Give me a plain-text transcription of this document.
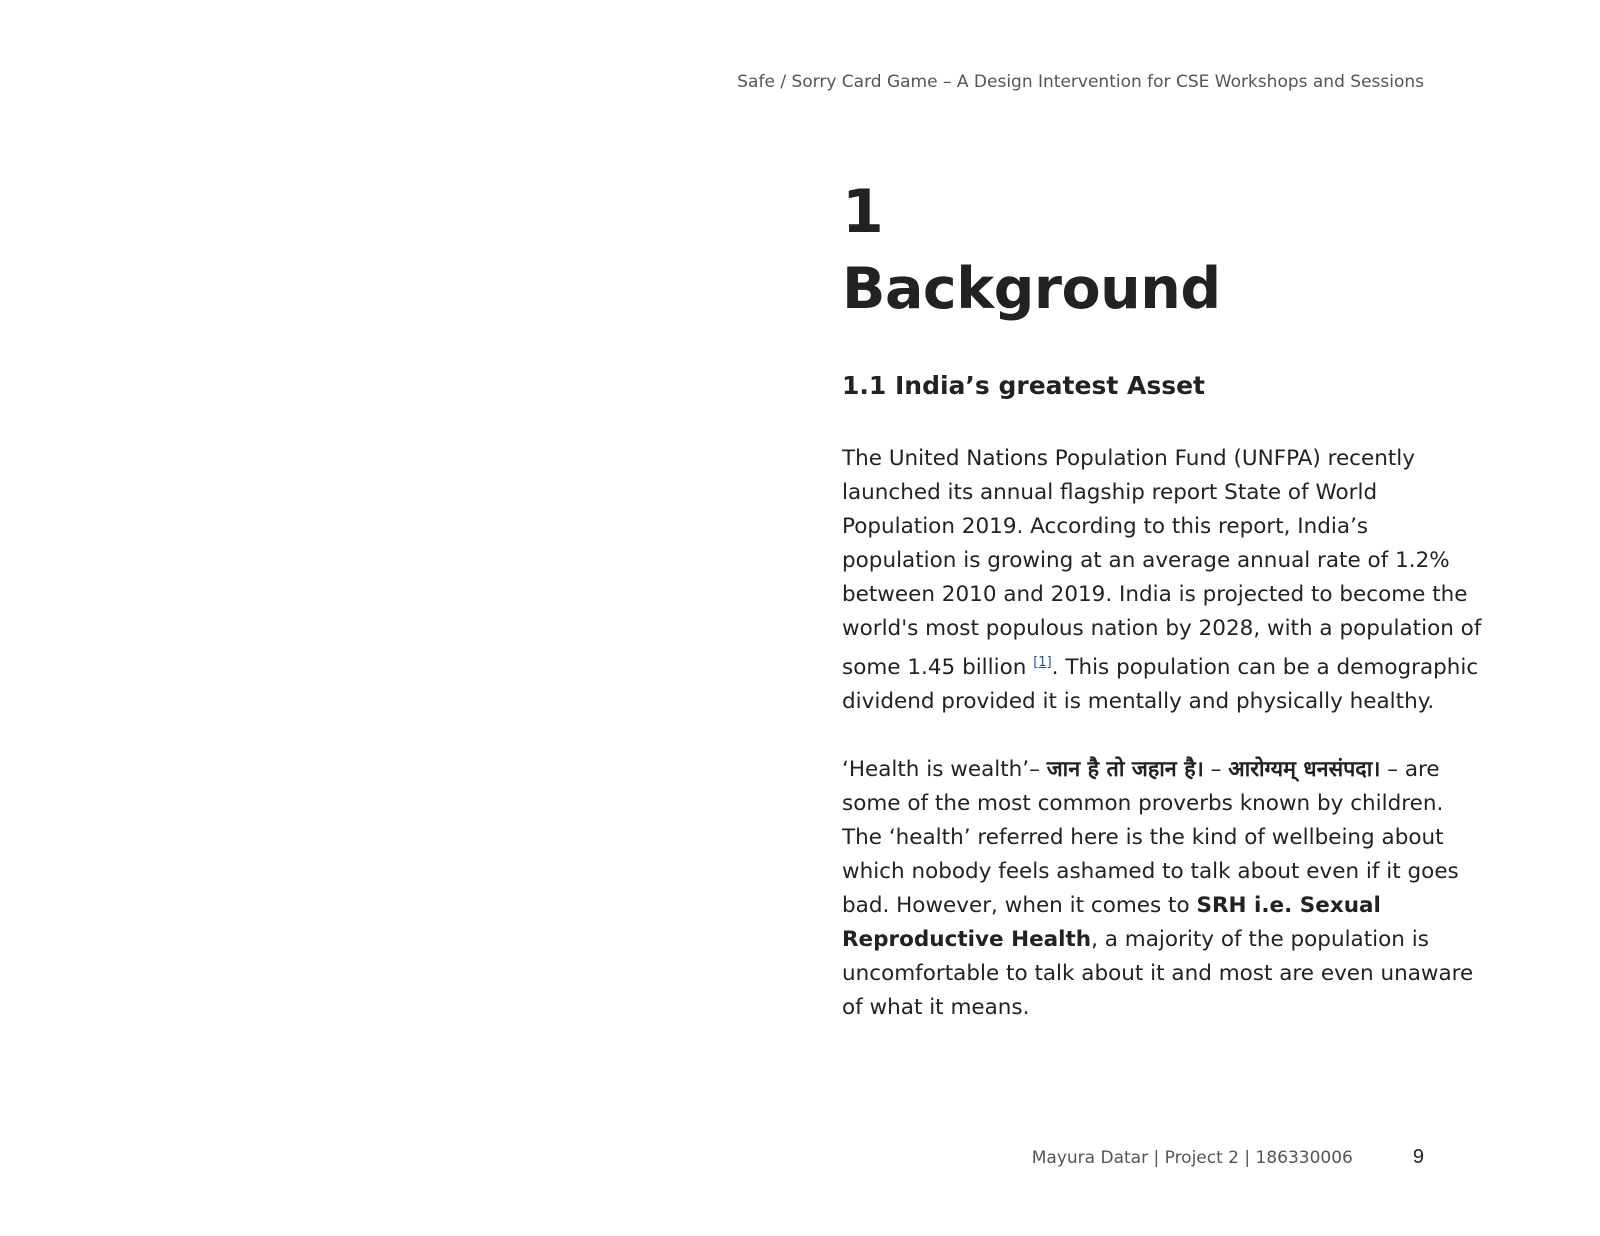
Safe / Sorry Card Game – A Design Intervention for CSE Workshops and Sessions
1
Background
1.1 India’s greatest Asset

The United Nations Population Fund (UNFPA) recently launched its annual flagship report State of World Population 2019. According to this report, India’s population is growing at an average annual rate of 1.2% between 2010 and 2019. India is projected to become the world's most populous nation by 2028, with a population of some 1.45 billion [1]. This population can be a demographic dividend provided it is mentally and physically healthy.

‘Health is wealth’– जान है तो जहान है। – आरोग्यम् धनसंपदा। – are some of the most common proverbs known by children. The ‘health’ referred here is the kind of wellbeing about which nobody feels ashamed to talk about even if it goes bad. However, when it comes to SRH i.e. Sexual Reproductive Health, a majority of the population is uncomfortable to talk about it and most are even unaware of what it means.

Mayura Datar | Project 2 | 186330006	9
